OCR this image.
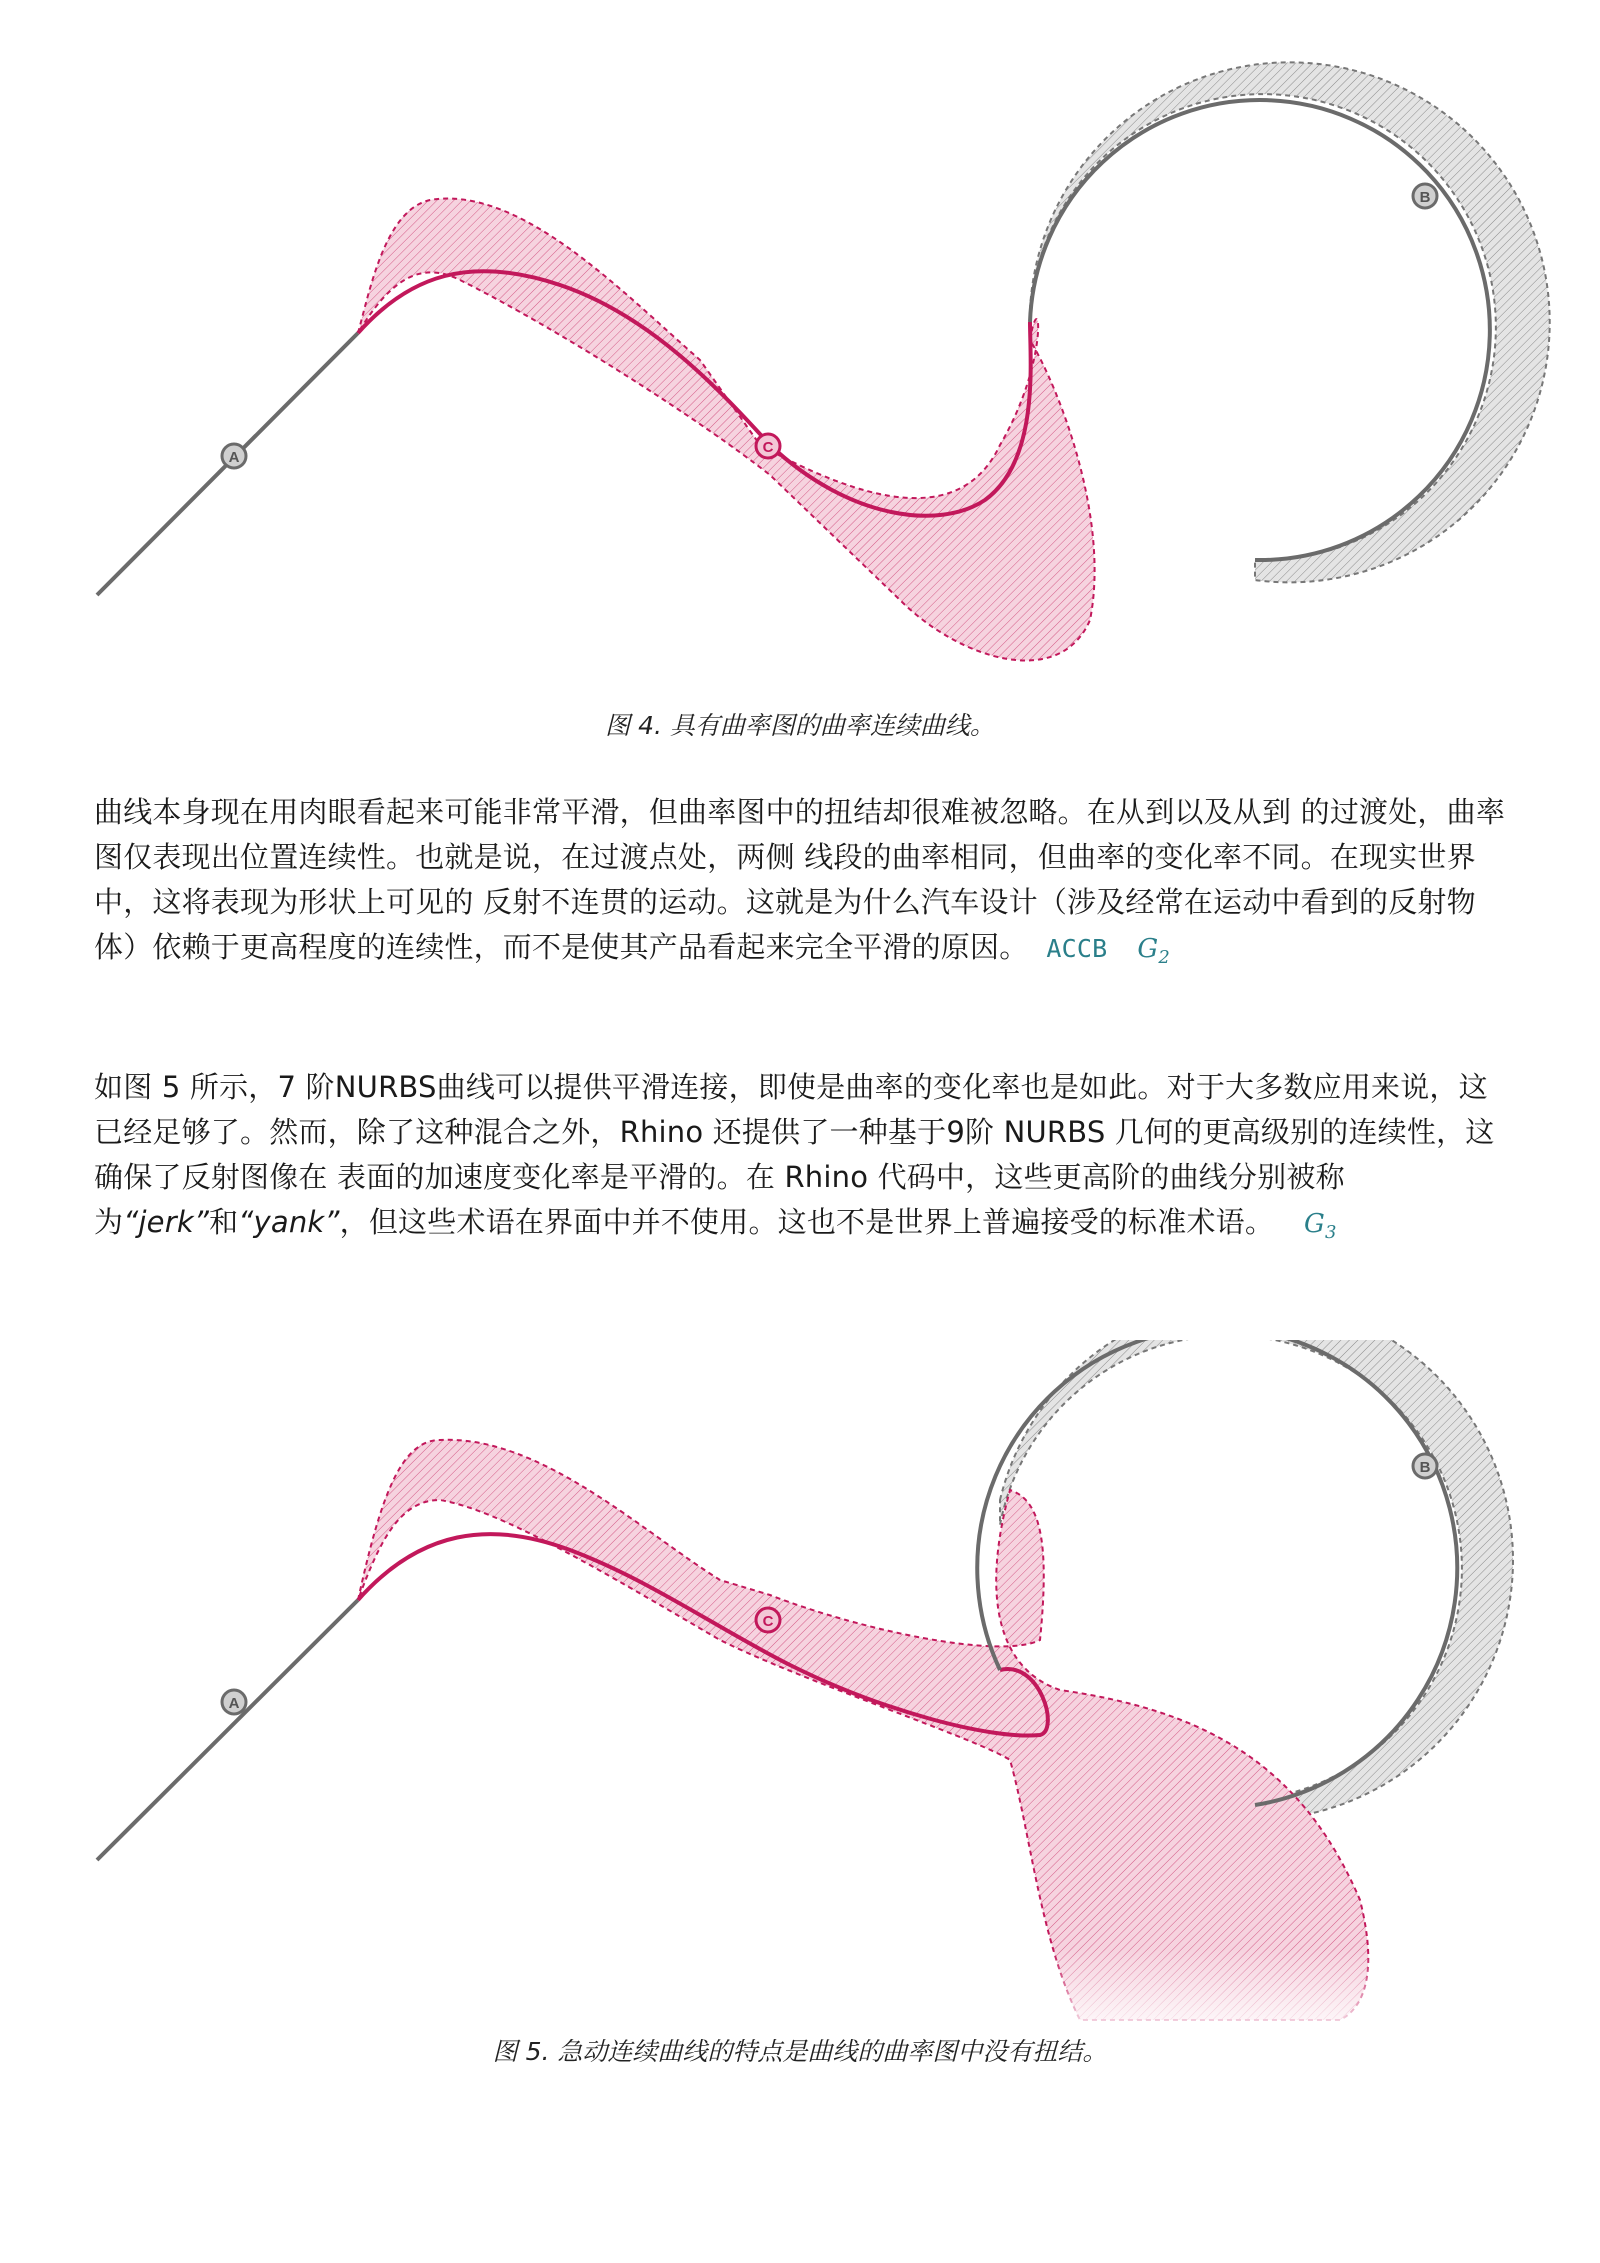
A
B
C
图 4. 具有曲率图的曲率连续曲线。
曲线本身现在用肉眼看起来可能非常平滑，但曲率图中的扭结却很难被忽略。在从到以及从到 的过渡处，曲率图仅表现出位置连续性。也就是说，在过渡点处，两侧 线段的曲率相同，但曲率的变化率不同。在现实世界中，这将表现为形状上可见的 反射不连贯的运动。这就是为什么汽车设计（涉及经常在运动中看到的反射物体）依赖于更高程度的连续性，而不是使其产品看起来完全平滑的原因。 ACCB $G_2$
如图 5 所示，7 阶NURBS曲线可以提供平滑连接，即使是曲率的变化率也是如此。对于大多数应用来说，这已经足够了。然而，除了这种混合之外，Rhino 还提供了一种基于9阶 NURBS 几何的更高级别的连续性，这确保了反射图像在 表面的加速度变化率是平滑的。在 Rhino 代码中，这些更高阶的曲线分别被称为“jerk”和“yank”，但这些术语在界面中并不使用。这也不是世界上普遍接受的标准术语。 $G_3$
A
B
C
图 5. 急动连续曲线的特点是曲线的曲率图中没有扭结。
